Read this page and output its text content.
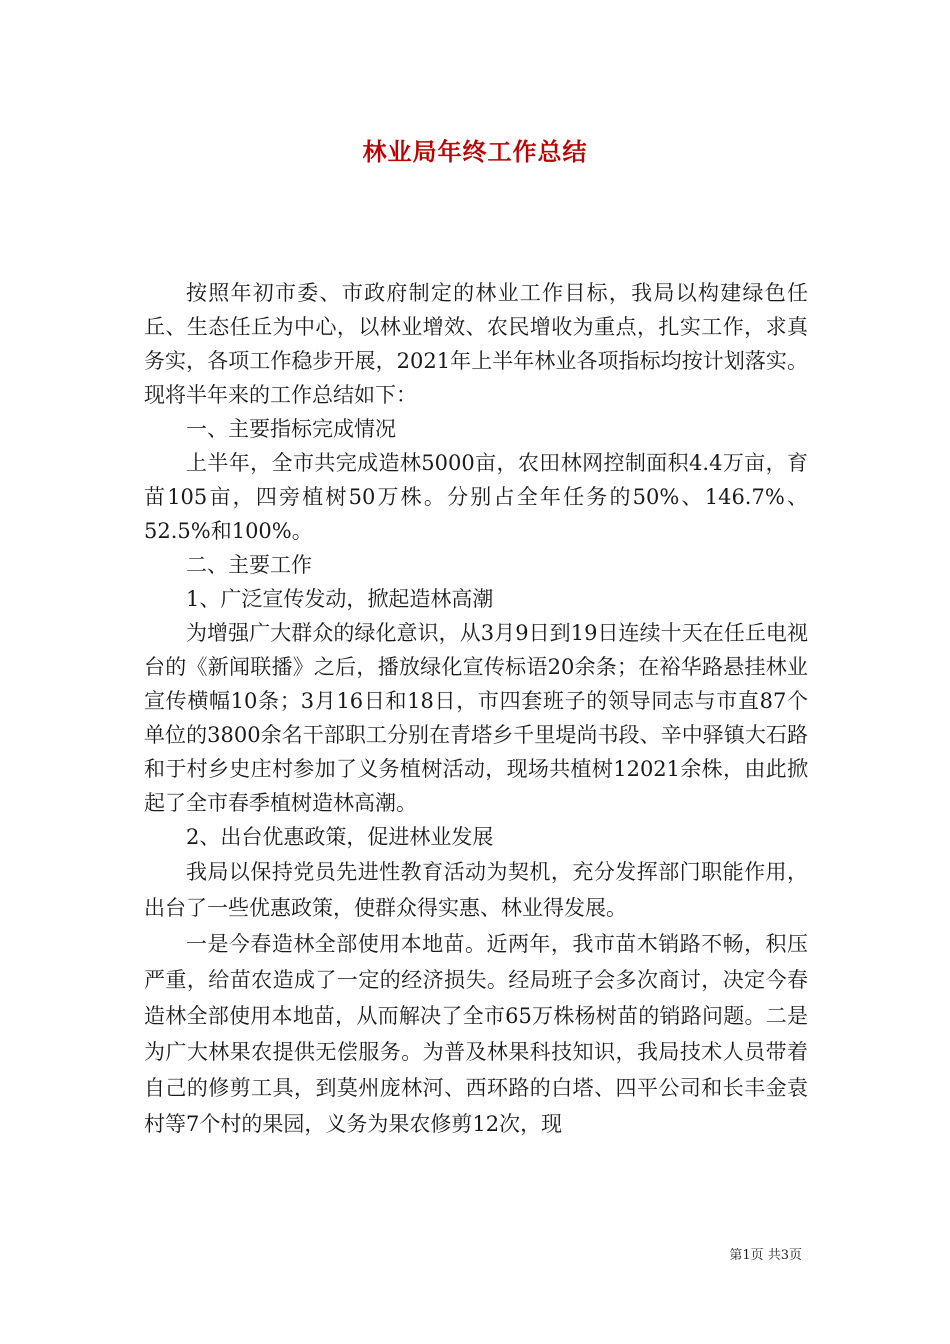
林业局年终工作总结

按照年初市委、市政府制定的林业工作目标，我局以构建绿色任丘、生态任丘为中心，以林业增效、农民增收为重点，扎实工作，求真务实，各项工作稳步开展，2021年上半年林业各项指标均按计划落实。现将半年来的工作总结如下：

一、主要指标完成情况

上半年，全市共完成造林5000亩，农田林网控制面积4.4万亩，育苗105亩，四旁植树50万株。分别占全年任务的50%、146.7%、52.5%和100%。

二、主要工作

1、广泛宣传发动，掀起造林高潮

为增强广大群众的绿化意识，从3月9日到19日连续十天在任丘电视台的《新闻联播》之后，播放绿化宣传标语20余条；在裕华路悬挂林业宣传横幅10条；3月16日和18日，市四套班子的领导同志与市直87个单位的3800余名干部职工分别在青塔乡千里堤尚书段、辛中驿镇大石路和于村乡史庄村参加了义务植树活动，现场共植树12021余株，由此掀起了全市春季植树造林高潮。

2、出台优惠政策，促进林业发展

我局以保持党员先进性教育活动为契机，充分发挥部门职能作用，出台了一些优惠政策，使群众得实惠、林业得发展。

一是今春造林全部使用本地苗。近两年，我市苗木销路不畅，积压严重，给苗农造成了一定的经济损失。经局班子会多次商讨，决定今春造林全部使用本地苗，从而解决了全市65万株杨树苗的销路问题。二是为广大林果农提供无偿服务。为普及林果科技知识，我局技术人员带着自己的修剪工具，到莫州庞林河、西环路的白塔、四平公司和长丰金袁村等7个村的果园，义务为果农修剪12次，现

第1页 共3页
